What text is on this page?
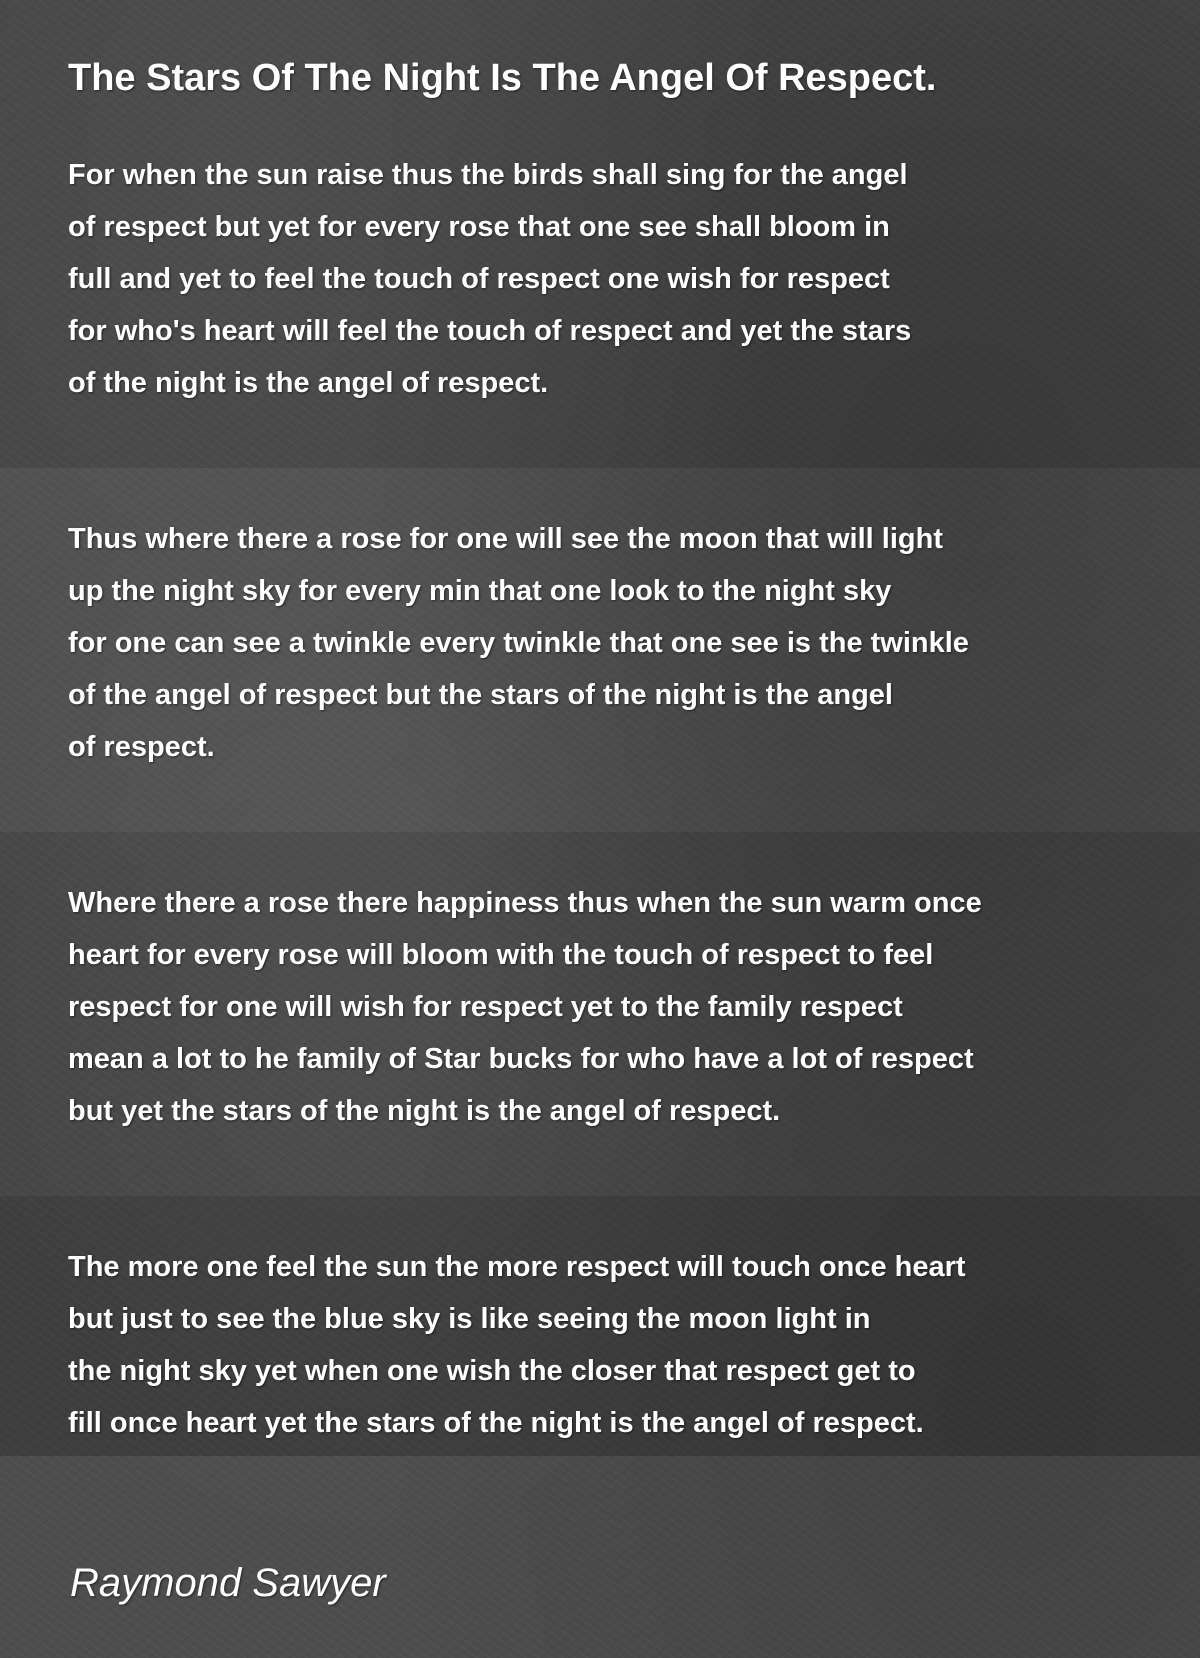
The Stars Of The Night Is The Angel Of Respect.

For when the sun raise thus the birds shall sing for the angel
of respect but yet for every rose that one see shall bloom in
full and yet to feel the touch of respect one wish for respect
for who's heart will feel the touch of respect and yet the stars
of the night is the angel of respect.

Thus where there a rose for one will see the moon that will light
up the night sky for every min that one look to the night sky
for one can see a twinkle every twinkle that one see is the twinkle
of the angel of respect but the stars of the night is the angel
of respect.

Where there a rose there happiness thus when the sun warm once
heart for every rose will bloom with the touch of respect to feel
respect for one will wish for respect yet to the family respect
mean a lot to he family of Star bucks for who have a lot of respect
but yet the stars of the night is the angel of respect.

The more one feel the sun the more respect will touch once heart
but just to see the blue sky is like seeing the moon light in
the night sky yet when one wish the closer that respect get to
fill once heart yet the stars of the night is the angel of respect.

Raymond Sawyer
